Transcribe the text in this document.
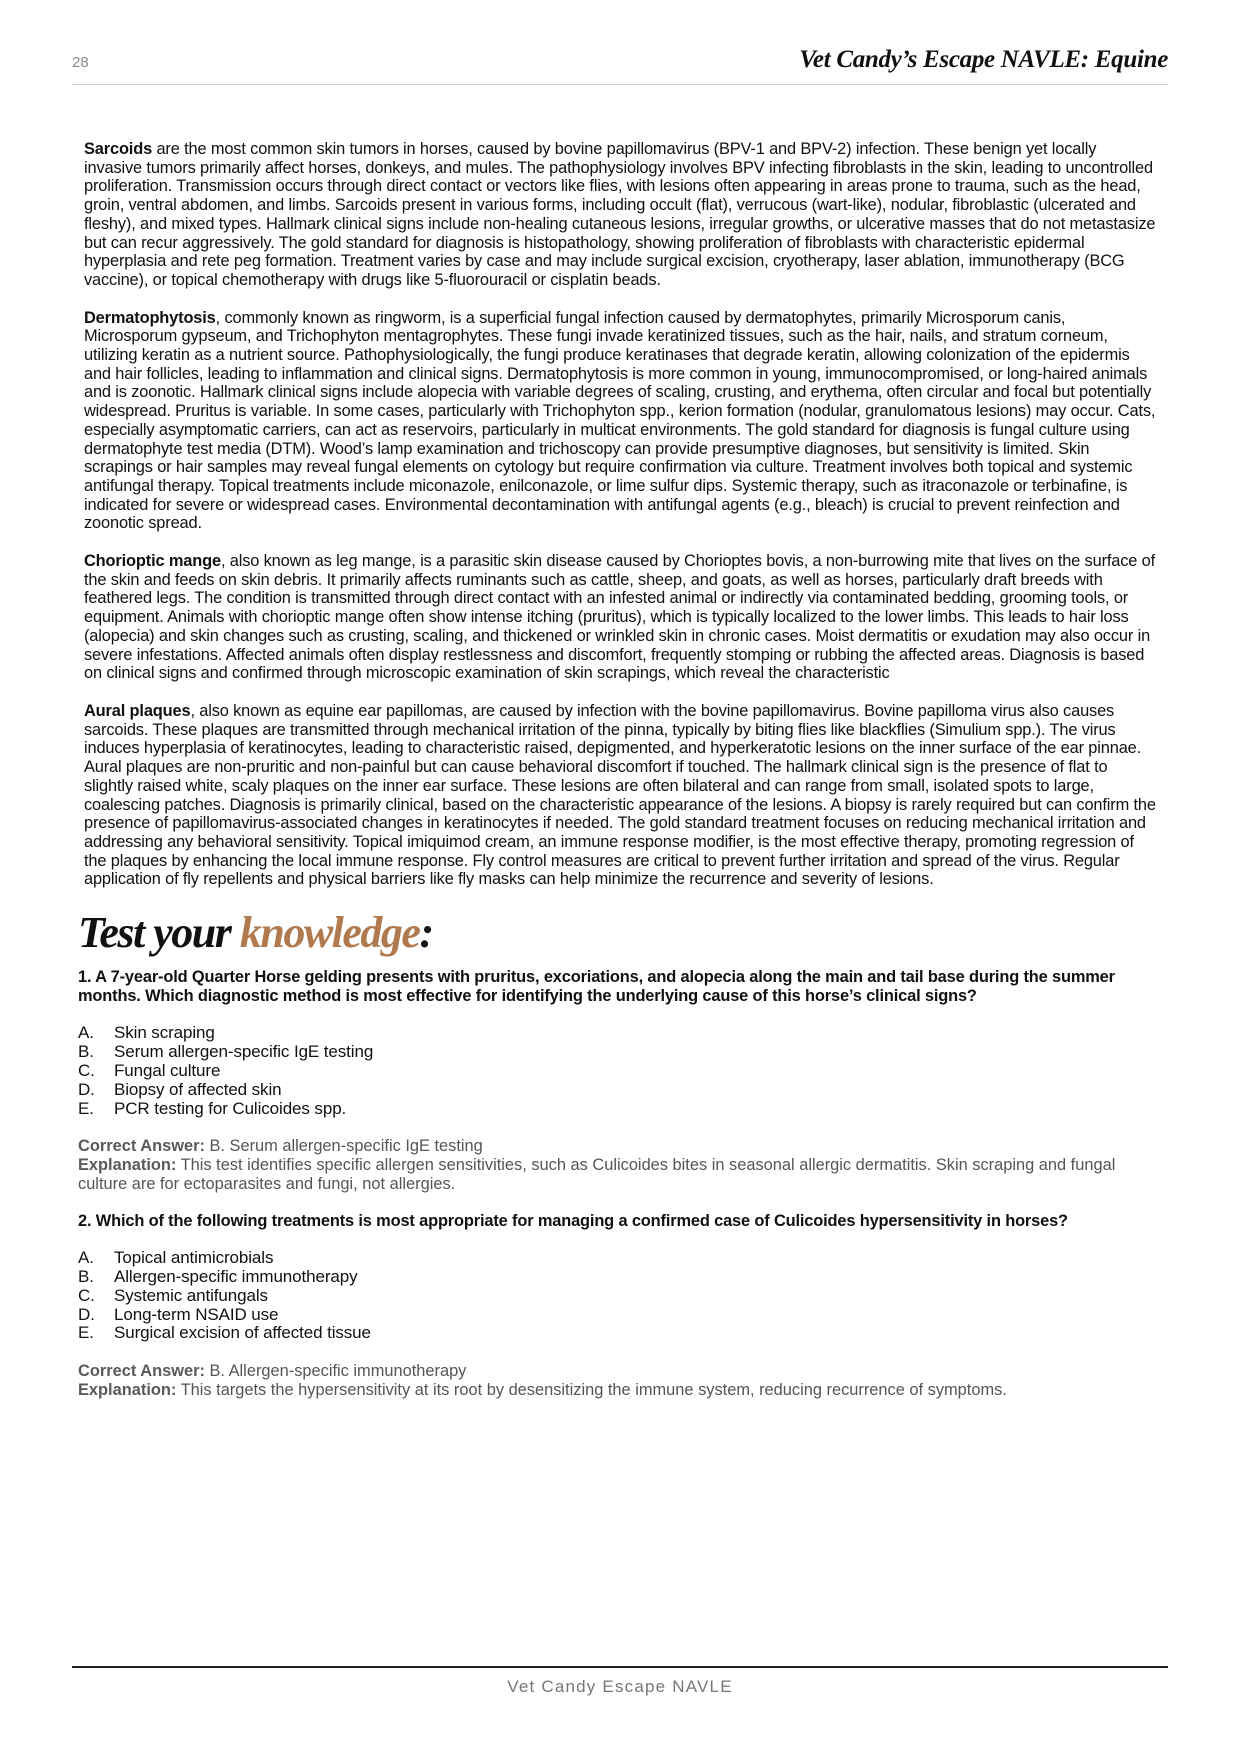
28	Vet Candy’s Escape NAVLE: Equine

Sarcoids are the most common skin tumors in horses, caused by bovine papillomavirus (BPV-1 and BPV-2) infection. These benign yet locally invasive tumors primarily affect horses, donkeys, and mules. The pathophysiology involves BPV infecting fibroblasts in the skin, leading to uncontrolled proliferation. Transmission occurs through direct contact or vectors like flies, with lesions often appearing in areas prone to trauma, such as the head, groin, ventral abdomen, and limbs. Sarcoids present in various forms, including occult (flat), verrucous (wart-like), nodular, fibroblastic (ulcerated and fleshy), and mixed types. Hallmark clinical signs include non-healing cutaneous lesions, irregular growths, or ulcerative masses that do not metastasize but can recur aggressively. The gold standard for diagnosis is histopathology, showing proliferation of fibroblasts with characteristic epidermal hyperplasia and rete peg formation. Treatment varies by case and may include surgical excision, cryotherapy, laser ablation, immunotherapy (BCG vaccine), or topical chemotherapy with drugs like 5-fluorouracil or cisplatin beads.

Dermatophytosis, commonly known as ringworm, is a superficial fungal infection caused by dermatophytes, primarily Microsporum canis, Microsporum gypseum, and Trichophyton mentagrophytes. These fungi invade keratinized tissues, such as the hair, nails, and stratum corneum, utilizing keratin as a nutrient source. Pathophysiologically, the fungi produce keratinases that degrade keratin, allowing colonization of the epidermis and hair follicles, leading to inflammation and clinical signs. Dermatophytosis is more common in young, immunocompromised, or long-haired animals and is zoonotic. Hallmark clinical signs include alopecia with variable degrees of scaling, crusting, and erythema, often circular and focal but potentially widespread. Pruritus is variable. In some cases, particularly with Trichophyton spp., kerion formation (nodular, granulomatous lesions) may occur. Cats, especially asymptomatic carriers, can act as reservoirs, particularly in multicat environments. The gold standard for diagnosis is fungal culture using dermatophyte test media (DTM). Wood’s lamp examination and trichoscopy can provide presumptive diagnoses, but sensitivity is limited. Skin scrapings or hair samples may reveal fungal elements on cytology but require confirmation via culture. Treatment involves both topical and systemic antifungal therapy. Topical treatments include miconazole, enilconazole, or lime sulfur dips. Systemic therapy, such as itraconazole or terbinafine, is indicated for severe or widespread cases. Environmental decontamination with antifungal agents (e.g., bleach) is crucial to prevent reinfection and zoonotic spread.

Chorioptic mange, also known as leg mange, is a parasitic skin disease caused by Chorioptes bovis, a non-burrowing mite that lives on the surface of the skin and feeds on skin debris. It primarily affects ruminants such as cattle, sheep, and goats, as well as horses, particularly draft breeds with feathered legs. The condition is transmitted through direct contact with an infested animal or indirectly via contaminated bedding, grooming tools, or equipment. Animals with chorioptic mange often show intense itching (pruritus), which is typically localized to the lower limbs. This leads to hair loss (alopecia) and skin changes such as crusting, scaling, and thickened or wrinkled skin in chronic cases. Moist dermatitis or exudation may also occur in severe infestations. Affected animals often display restlessness and discomfort, frequently stomping or rubbing the affected areas. Diagnosis is based on clinical signs and confirmed through microscopic examination of skin scrapings, which reveal the characteristic

Aural plaques, also known as equine ear papillomas, are caused by infection with the bovine papillomavirus. Bovine papilloma virus also causes sarcoids. These plaques are transmitted through mechanical irritation of the pinna, typically by biting flies like blackflies (Simulium spp.). The virus induces hyperplasia of keratinocytes, leading to characteristic raised, depigmented, and hyperkeratotic lesions on the inner surface of the ear pinnae. Aural plaques are non-pruritic and non-painful but can cause behavioral discomfort if touched. The hallmark clinical sign is the presence of flat to slightly raised white, scaly plaques on the inner ear surface. These lesions are often bilateral and can range from small, isolated spots to large, coalescing patches. Diagnosis is primarily clinical, based on the characteristic appearance of the lesions. A biopsy is rarely required but can confirm the presence of papillomavirus-associated changes in keratinocytes if needed. The gold standard treatment focuses on reducing mechanical irritation and addressing any behavioral sensitivity. Topical imiquimod cream, an immune response modifier, is the most effective therapy, promoting regression of the plaques by enhancing the local immune response. Fly control measures are critical to prevent further irritation and spread of the virus. Regular application of fly repellents and physical barriers like fly masks can help minimize the recurrence and severity of lesions.

Test your knowledge:

1. A 7-year-old Quarter Horse gelding presents with pruritus, excoriations, and alopecia along the main and tail base during the summer months. Which diagnostic method is most effective for identifying the underlying cause of this horse’s clinical signs?

A.	Skin scraping
B.	Serum allergen-specific IgE testing
C.	Fungal culture
D.	Biopsy of affected skin
E.	PCR testing for Culicoides spp.
Correct Answer: B. Serum allergen-specific IgE testing
Explanation: This test identifies specific allergen sensitivities, such as Culicoides bites in seasonal allergic dermatitis. Skin scraping and fungal culture are for ectoparasites and fungi, not allergies.

2. Which of the following treatments is most appropriate for managing a confirmed case of Culicoides hypersensitivity in horses?

A.	Topical antimicrobials
B.	Allergen-specific immunotherapy
C.	Systemic antifungals
D.	Long-term NSAID use
E.	Surgical excision of affected tissue
Correct Answer: B. Allergen-specific immunotherapy
Explanation: This targets the hypersensitivity at its root by desensitizing the immune system, reducing recurrence of symptoms.
Vet Candy Escape NAVLE
